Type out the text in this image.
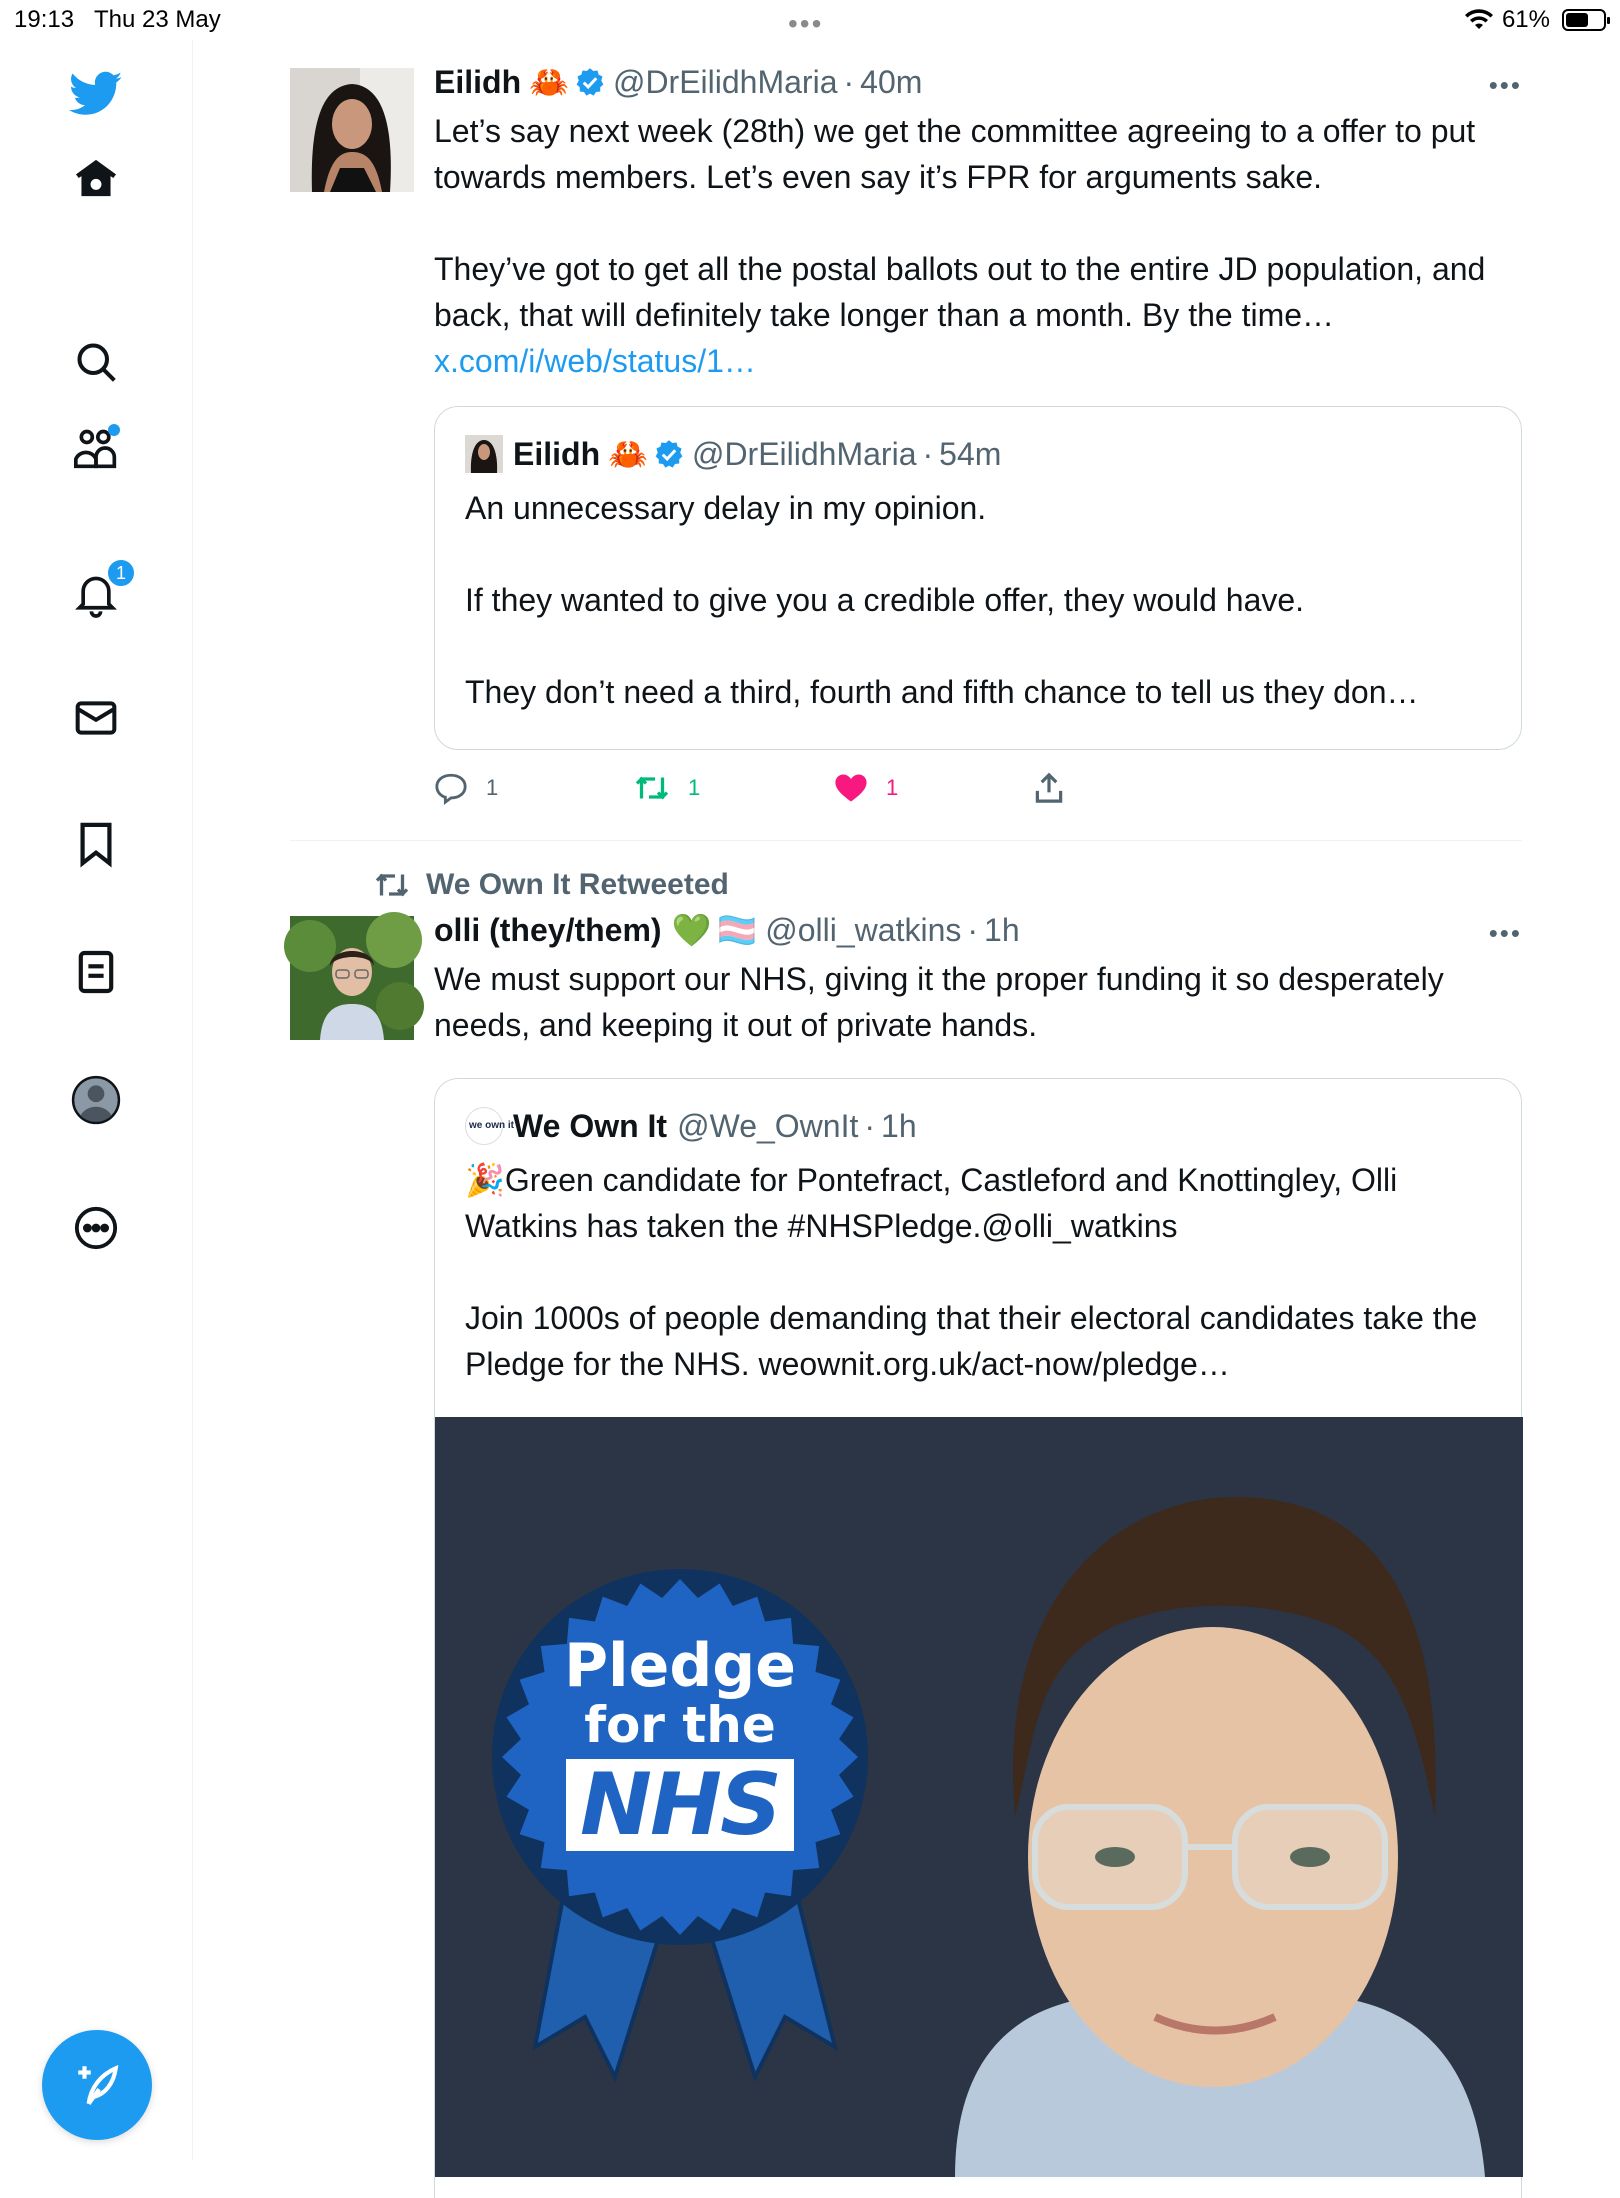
19:13 Thu 23 May	•••	61%
1
Eilidh 🦀 @DrEilidhMaria · 40m	•••

Let’s say next week (28th) we get the committee agreeing to a offer to put towards members. Let’s even say it’s FPR for arguments sake.

They’ve got to get all the postal ballots out to the entire JD population, and back, that will definitely take longer than a month. By the time…

x.com/i/web/status/1…

Eilidh 🦀 @DrEilidhMaria · 54m

An unnecessary delay in my opinion.

If they wanted to give you a credible offer, they would have.

They don’t need a third, fourth and fifth chance to tell us they don…

1	1	1
We Own It Retweeted
olli (they/them) 💚 🏳️‍⚧️ @olli_watkins · 1h	•••

We must support our NHS, giving it the proper funding it so desperately needs, and keeping it out of private hands.

we own it We Own It @We_OwnIt · 1h

🎉Green candidate for Pontefract, Castleford and Knottingley, Olli Watkins has taken the #NHSPledge.@olli_watkins

Join 1000s of people demanding that their electoral candidates take the Pledge for the NHS. weownit.org.uk/act-now/pledge…

Pledge
for the
NHS
